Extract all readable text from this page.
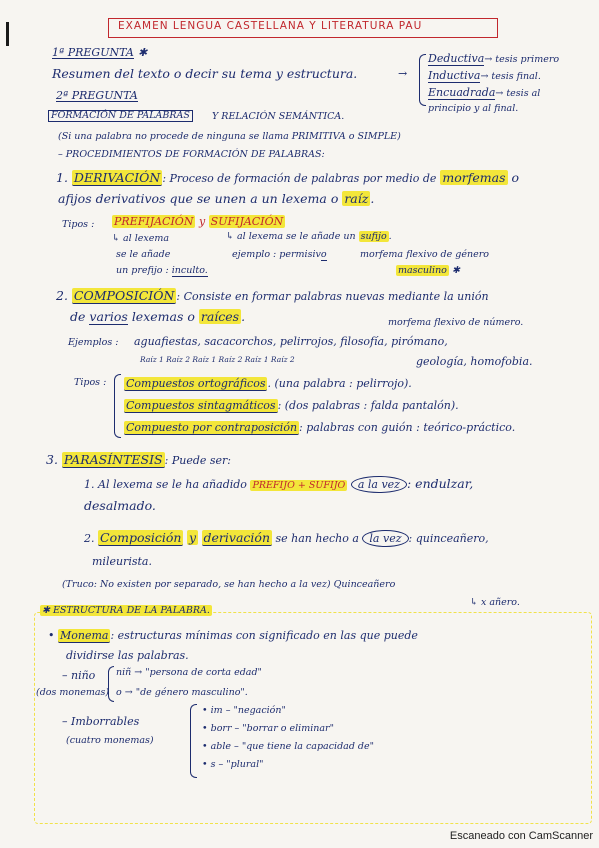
EXAMEN LENGUA CASTELLANA Y LITERATURA PAU
1ª PREGUNTA ✱
Resumen del texto o decir su tema y estructura.	→
Deductiva→ tesis primero
Inductiva→ tesis final.
Encuadrada→ tesis al
principio y al final.
2ª PREGUNTA
FORMACIÓN DE PALABRAS	Y RELACIÓN SEMÁNTICA.
(Si una palabra no procede de ninguna se llama PRIMITIVA o SIMPLE)
– PROCEDIMIENTOS DE FORMACIÓN DE PALABRAS:
1. DERIVACIÓN : Proceso de formación de palabras por medio de morfemas o
afijos derivativos que se unen a un lexema o raíz .
Tipos : PREFIJACIÓN y SUFIJACIÓN
↳ al lexema
se le añade
un prefijo : inculto.
↳ al lexema se le añade un sufijo .
ejemplo : permisivo	morfema flexivo de género
masculino ✱
2. COMPOSICIÓN : Consiste en formar palabras nuevas mediante la unión
de varios lexemas o raíces .	morfema flexivo de número.
Ejemplos : aguafiestas, sacacorchos, pelirrojos, filosofía, pirómano,
Raíz 1 Raíz 2 Raíz 1 Raíz 2 Raíz 1 Raíz 2	geología, homofobia.
Tipos : Compuestos ortográficos . (una palabra : pelirrojo).
Compuestos sintagmáticos : (dos palabras : falda pantalón).
Compuesto por contraposición : palabras con guión : teórico-práctico.
3. PARASÍNTESIS : Puede ser:
1. Al lexema se le ha añadido PREFIJO + SUFIJO a la vez : endulzar,
desalmado.
2. Composición y derivación se han hecho a la vez : quinceañero,
mileurista.
(Truco: No existen por separado, se han hecho a la vez) Quinceañero
↳ x añero.
✱ ESTRUCTURA DE LA PALABRA.
• Monema : estructuras mínimas con significado en las que puede
dividirse las palabras.
– niño niñ → "persona de corta edad"
(dos monemas) o → "de género masculino".
– Imborrables
(cuatro monemas)
• im – "negación"
• borr – "borrar o eliminar"
• able – "que tiene la capacidad de"
• s – "plural"
Escaneado con CamScanner
